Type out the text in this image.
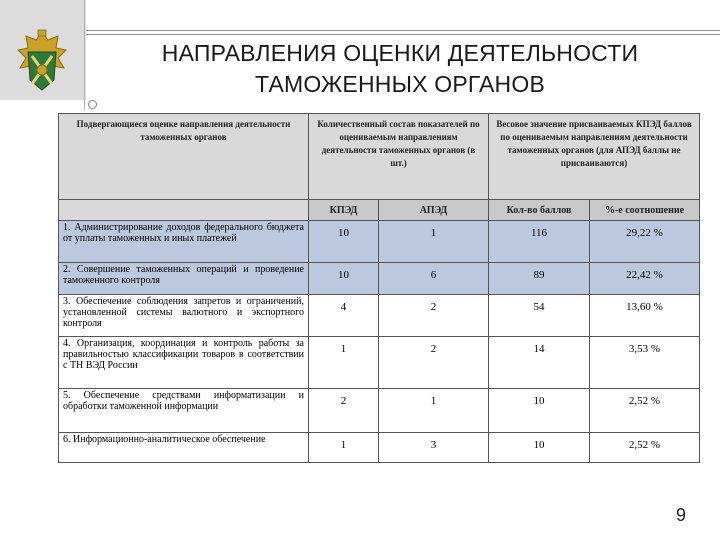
НАПРАВЛЕНИЯ ОЦЕНКИ ДЕЯТЕЛЬНОСТИ
ТАМОЖЕННЫХ ОРГАНОВ
Подвергающиеся оценке направления деятельности таможенных органов	Количественный состав показателей по оцениваемым направлениям деятельности таможенных органов (в шт.)		Весовое значение присваиваемых КПЭД баллов по оцениваемым направлениям деятельности таможенных органов (для АПЭД баллы не присваиваются)	
	КПЭД	АПЭД	Кол-во баллов	%-е соотношение
1. Администрирование доходов федерального бюджета от уплаты таможенных и иных платежей	10	1	116	29,22 %
2. Совершение таможенных операций и проведение таможенного контроля	10	6	89	22,42 %
3. Обеспечение соблюдения запретов и ограничений, установленной системы валютного и экспортного контроля	4	2	54	13,60 %
4. Организация, координация и контроль работы за правильностью классификации товаров в соответствии с ТН ВЭД России	1	2	14	3,53 %
5. Обеспечение средствами информатизации и обработки таможенной информации	2	1	10	2,52 %
6. Информационно-аналитическое обеспечение	1	3	10	2,52 %
9
